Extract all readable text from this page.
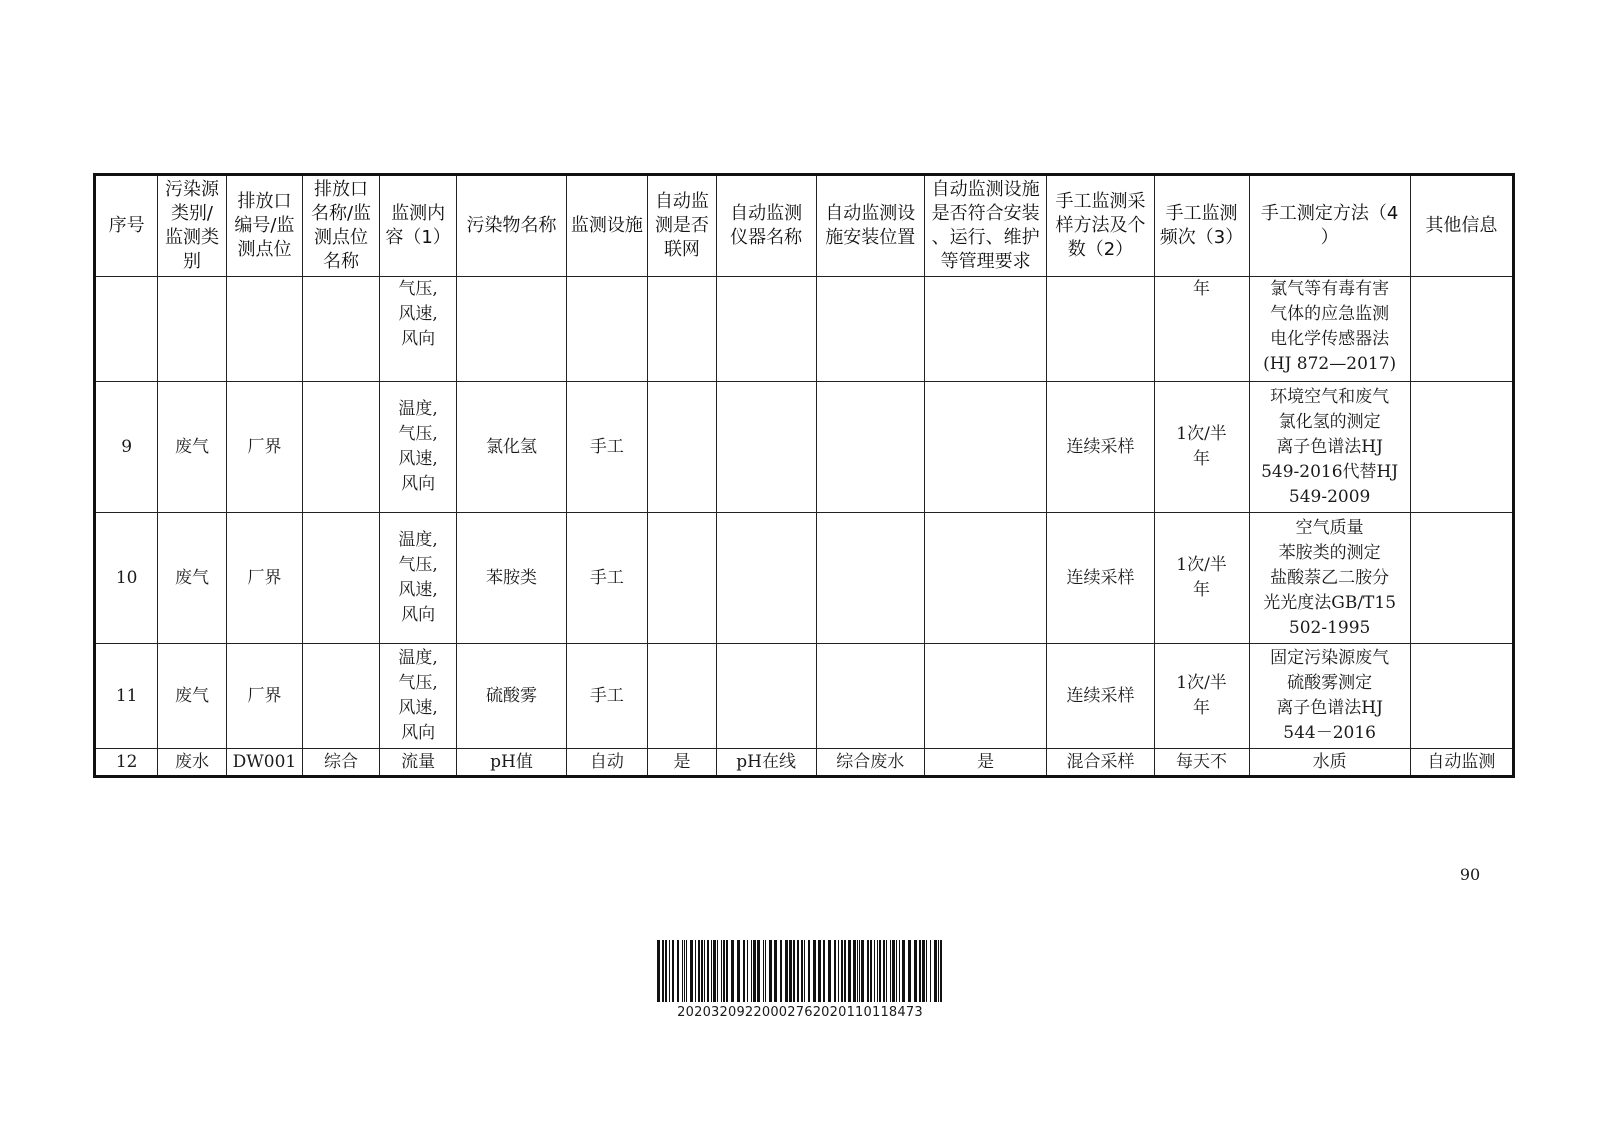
序号	污染源
类别/
监测类
别	排放口
编号/监
测点位	排放口
名称/监
测点位
名称	监测内
容（1）	污染物名称	监测设施	自动监
测是否
联网	自动监测
仪器名称	自动监测设
施安装位置	自动监测设施
是否符合安装
、运行、维护
等管理要求	手工监测采
样方法及个
数（2）	手工监测
频次（3）	手工测定方法（4
）	其他信息
				气压,
风速,
风向								年	氯气等有毒有害
气体的应急监测
电化学传感器法
(HJ 872—2017)	
9	废气	厂界		温度,
气压,
风速,
风向	氯化氢	手工					连续采样	1次/半
年	环境空气和废气
氯化氢的测定
离子色谱法HJ
549-2016代替HJ
549-2009	
10	废气	厂界		温度,
气压,
风速,
风向	苯胺类	手工					连续采样	1次/半
年	空气质量
苯胺类的测定
盐酸萘乙二胺分
光光度法GB/T15
502-1995	
11	废气	厂界		温度,
气压,
风速,
风向	硫酸雾	手工					连续采样	1次/半
年	固定污染源废气
硫酸雾测定
离子色谱法HJ
544－2016	
12	废水	DW001	综合	流量	pH值	自动	是	pH在线	综合废水	是	混合采样	每天不	水质	自动监测
90
20203209220002762020110118473
